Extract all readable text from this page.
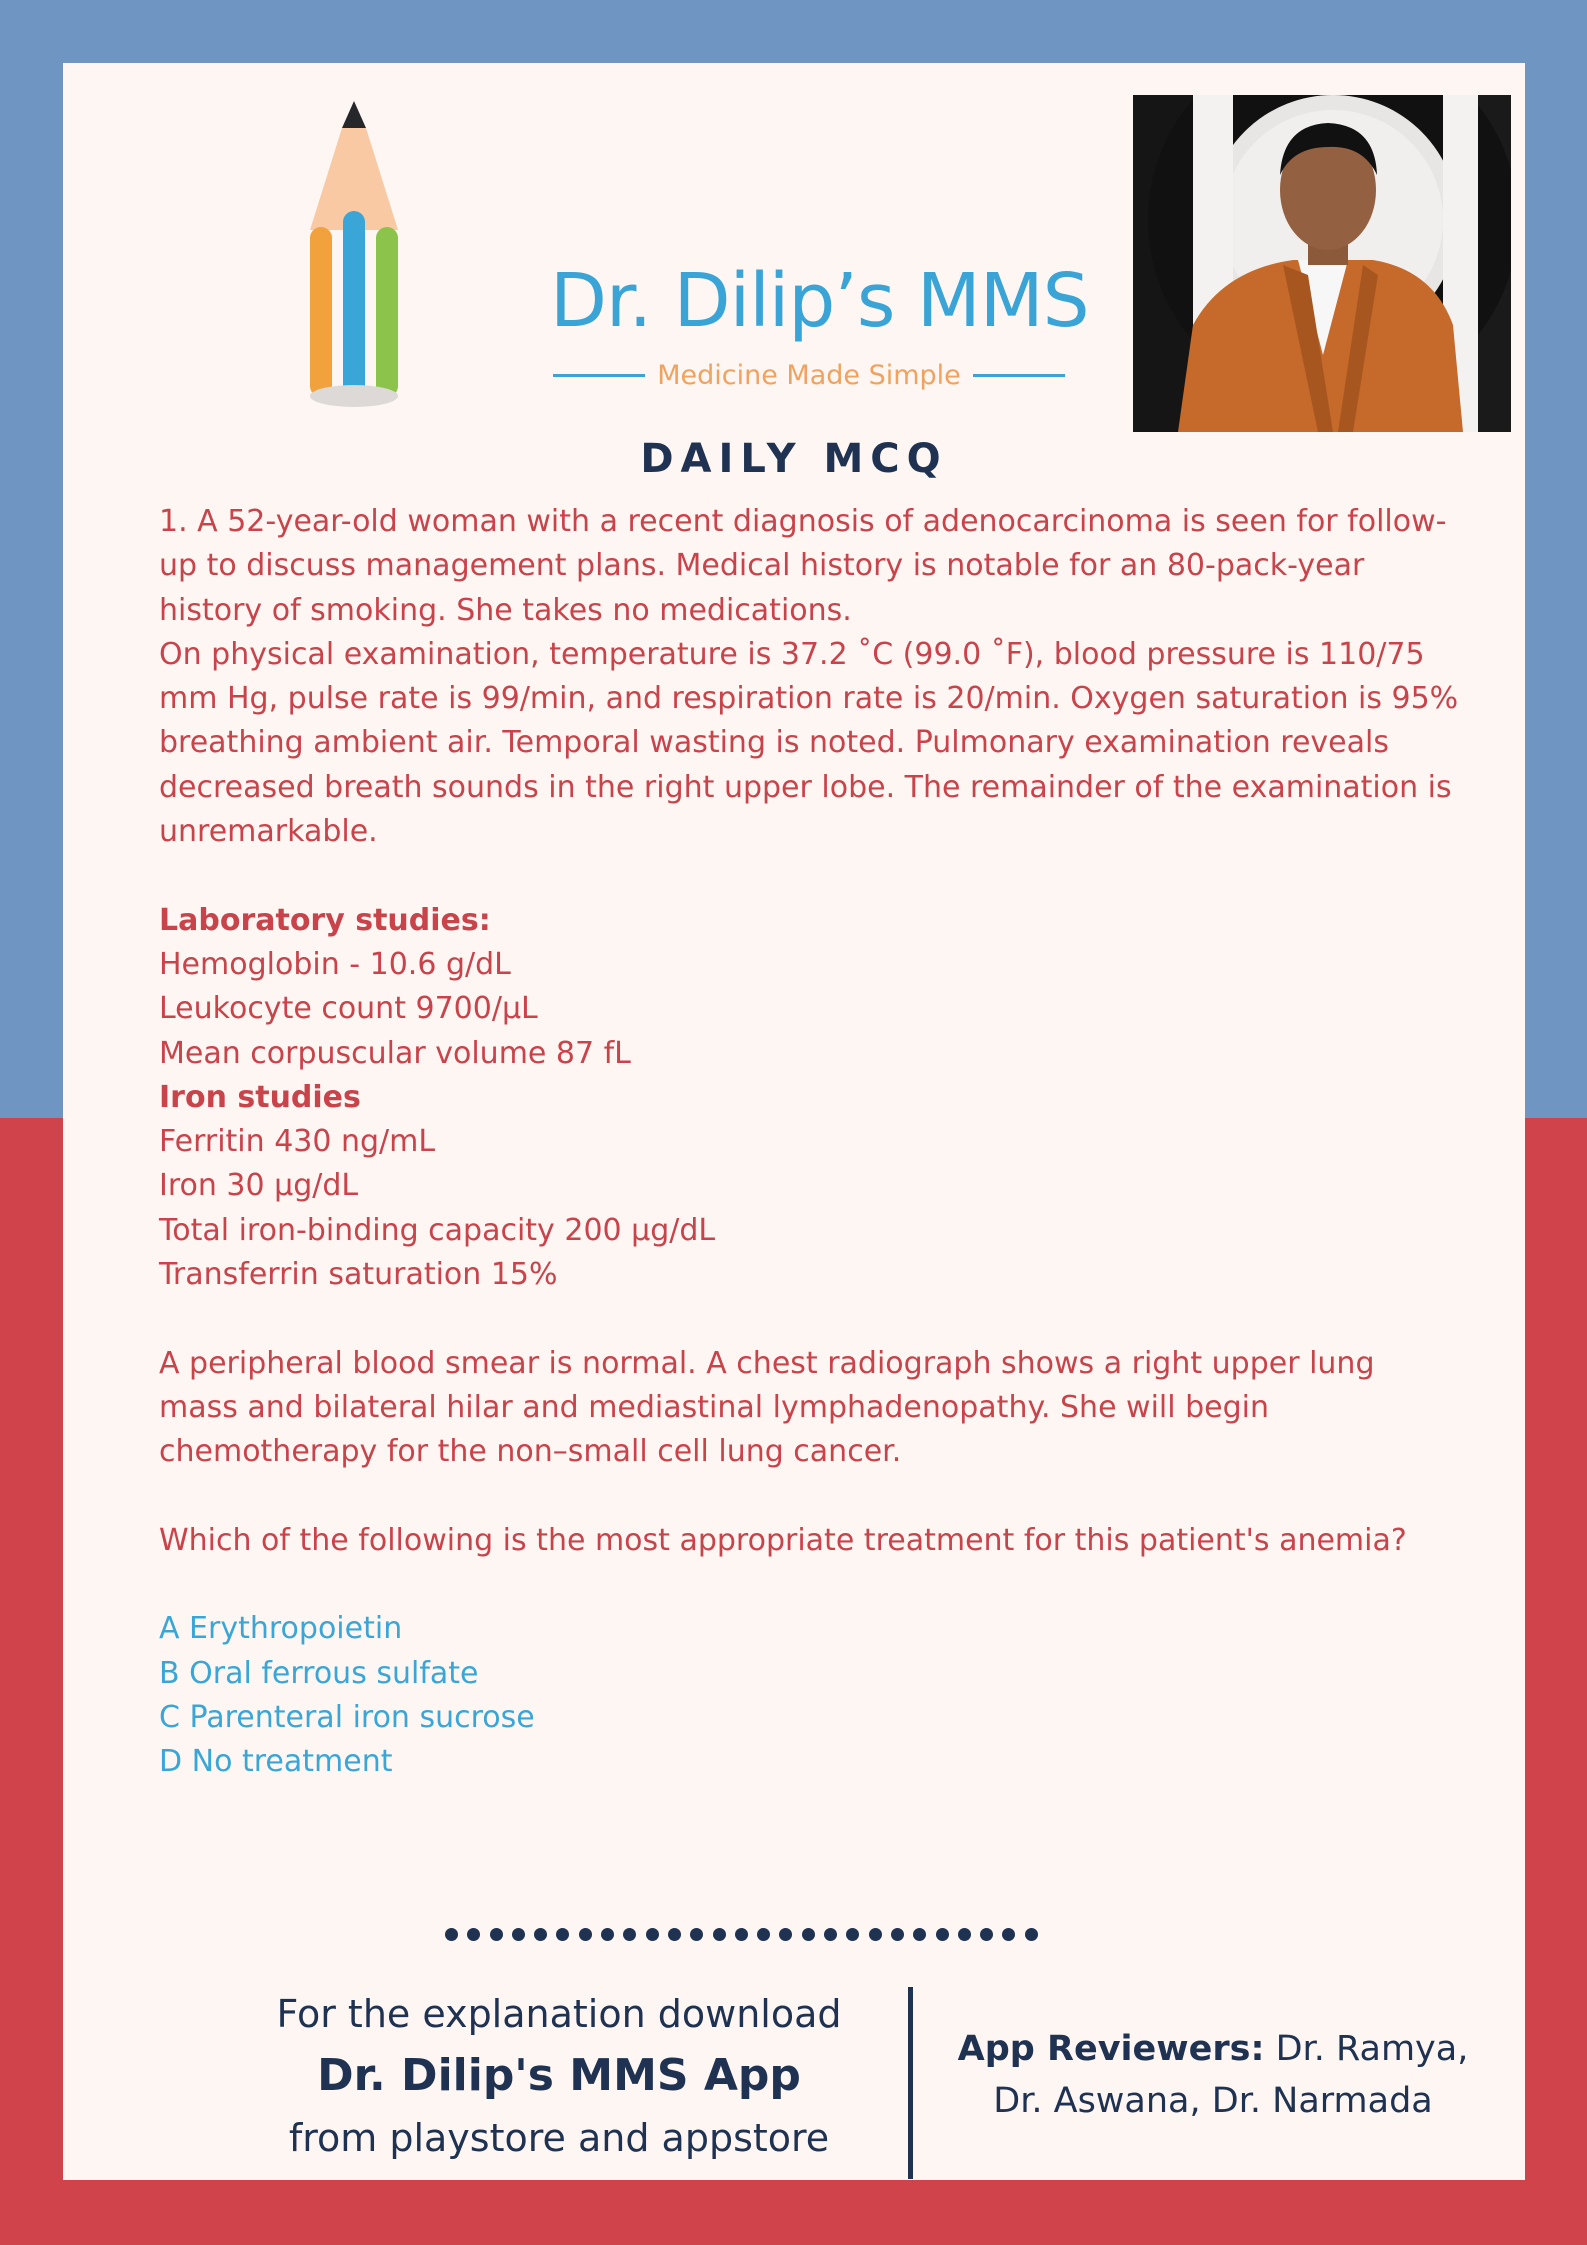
Dr. Dilip’s MMS
Medicine Made Simple
DAILY MCQ

1. A 52-year-old woman with a recent diagnosis of adenocarcinoma is seen for follow-up to discuss management plans. Medical history is notable for an 80-pack-year history of smoking. She takes no medications.

On physical examination, temperature is 37.2 ˚C (99.0 ˚F), blood pressure is 110/75 mm Hg, pulse rate is 99/min, and respiration rate is 20/min. Oxygen saturation is 95% breathing ambient air. Temporal wasting is noted. Pulmonary examination reveals decreased breath sounds in the right upper lobe. The remainder of the examination is unremarkable.

Laboratory studies:

Hemoglobin - 10.6 g/dL

Leukocyte count 9700/µL

Mean corpuscular volume 87 fL

Iron studies

Ferritin 430 ng/mL

Iron 30 µg/dL

Total iron-binding capacity 200 µg/dL

Transferrin saturation 15%

A peripheral blood smear is normal. A chest radiograph shows a right upper lung mass and bilateral hilar and mediastinal lymphadenopathy. She will begin chemotherapy for the non–small cell lung cancer.

Which of the following is the most appropriate treatment for this patient's anemia?

A Erythropoietin

B Oral ferrous sulfate

C Parenteral iron sucrose

D No treatment

For the explanation download
Dr. Dilip's MMS App
from playstore and appstore
App Reviewers: Dr. Ramya,
Dr. Aswana, Dr. Narmada
